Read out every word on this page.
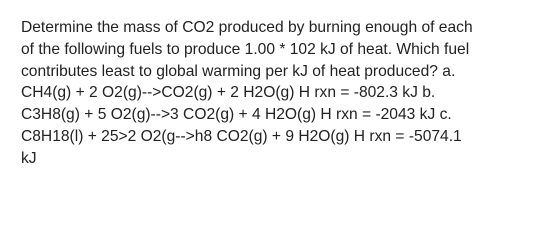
Determine the mass of CO2 produced by burning enough of each
of the following fuels to produce 1.00 * 102 kJ of heat. Which fuel
contributes least to global warming per kJ of heat produced? a.
CH4(g) + 2 O2(g)-->CO2(g) + 2 H2O(g) H rxn = -802.3 kJ b.
C3H8(g) + 5 O2(g)-->3 CO2(g) + 4 H2O(g) H rxn = -2043 kJ c.
C8H18(l) + 25>2 O2(g-->h8 CO2(g) + 9 H2O(g) H rxn = -5074.1
kJ
